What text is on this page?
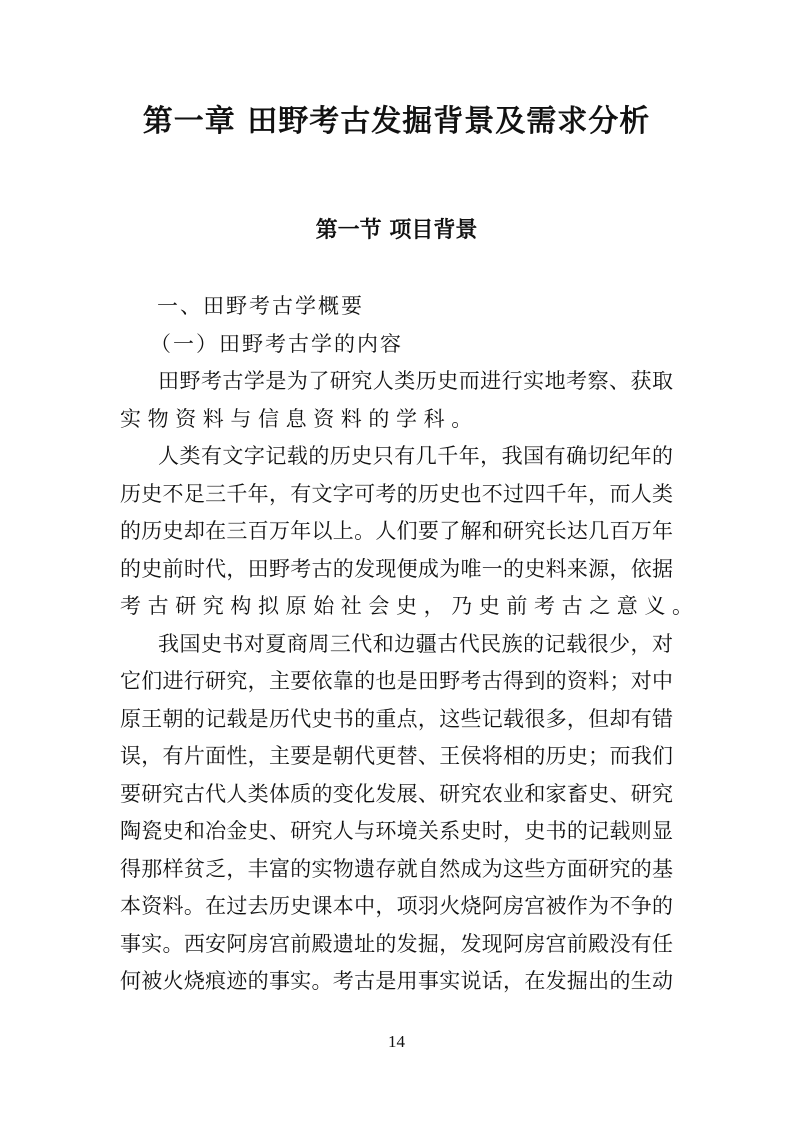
第一章 田野考古发掘背景及需求分析
第一节 项目背景
一、田野考古学概要
（一）田野考古学的内容
田野考古学是为了研究人类历史而进行实地考察、获取
实物资料与信息资料的学科。
人类有文字记载的历史只有几千年，我国有确切纪年的
历史不足三千年，有文字可考的历史也不过四千年，而人类
的历史却在三百万年以上。人们要了解和研究长达几百万年
的史前时代，田野考古的发现便成为唯一的史料来源，依据
考古研究构拟原始社会史，乃史前考古之意义。
我国史书对夏商周三代和边疆古代民族的记载很少，对
它们进行研究，主要依靠的也是田野考古得到的资料；对中
原王朝的记载是历代史书的重点，这些记载很多，但却有错
误，有片面性，主要是朝代更替、王侯将相的历史；而我们
要研究古代人类体质的变化发展、研究农业和家畜史、研究
陶瓷史和冶金史、研究人与环境关系史时，史书的记载则显
得那样贫乏，丰富的实物遗存就自然成为这些方面研究的基
本资料。在过去历史课本中，项羽火烧阿房宫被作为不争的
事实。西安阿房宫前殿遗址的发掘，发现阿房宫前殿没有任
何被火烧痕迹的事实。考古是用事实说话，在发掘出的生动
14
